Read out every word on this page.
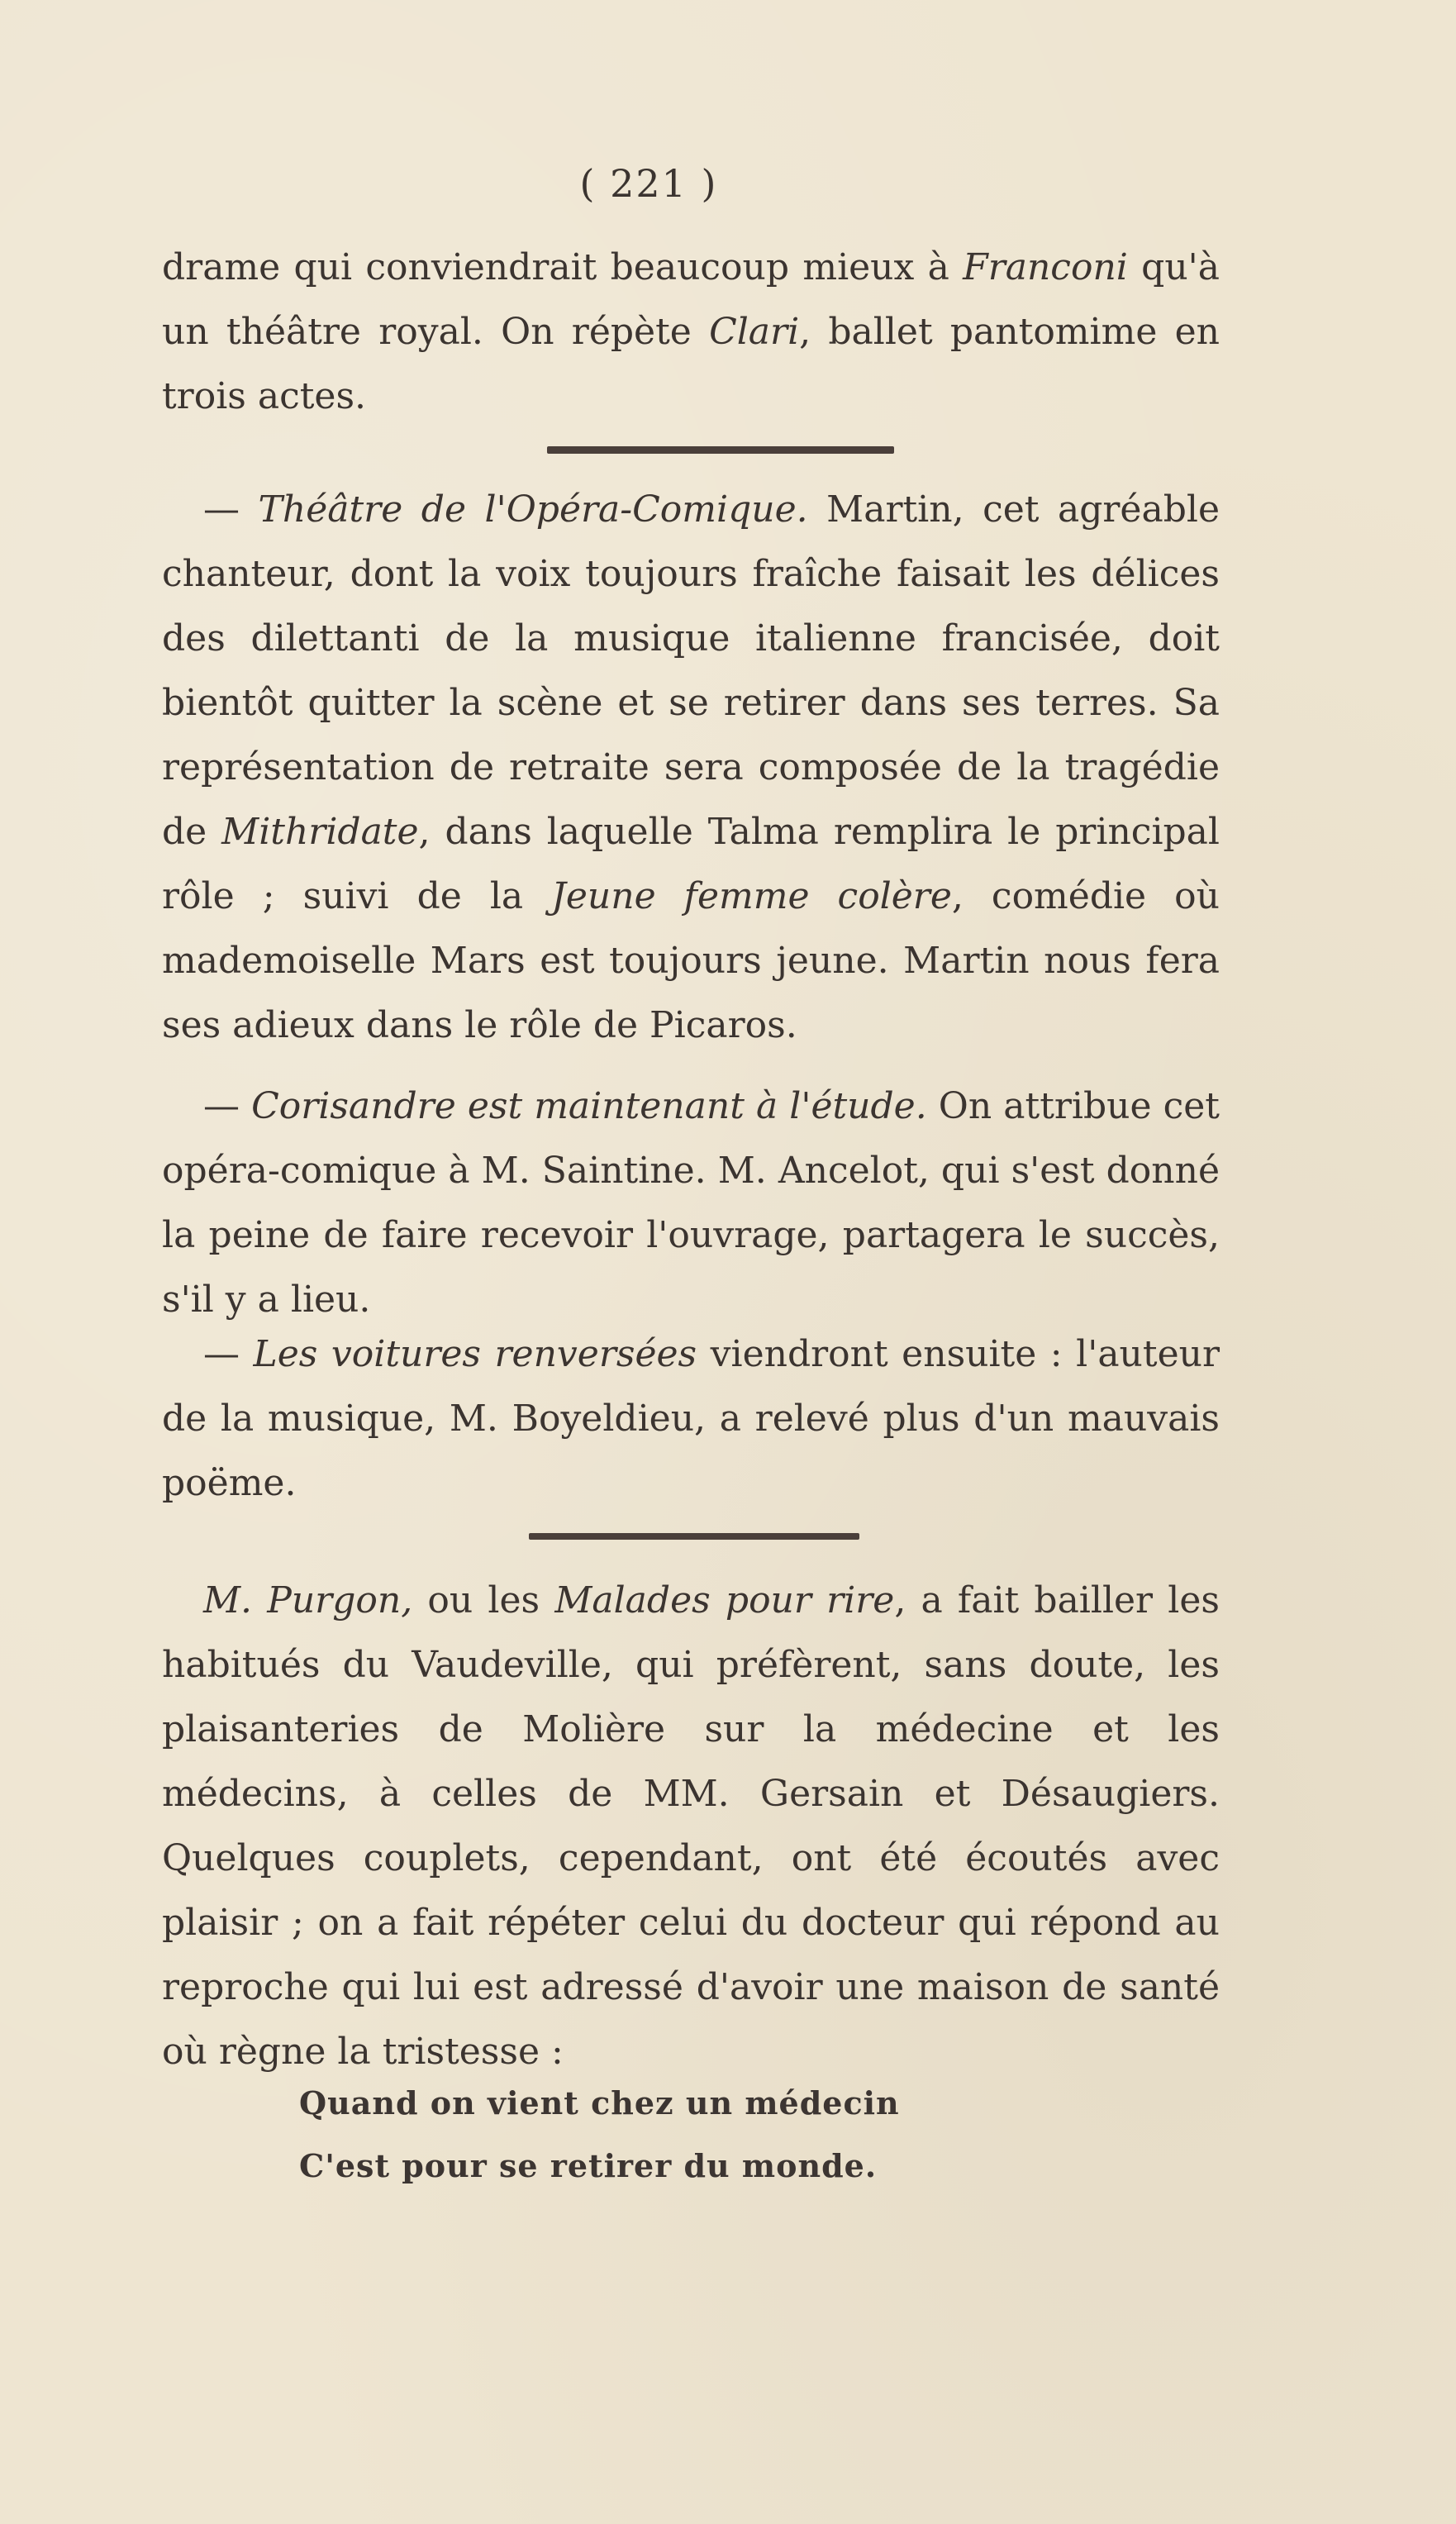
( 221 )

drame qui conviendrait beaucoup mieux à Franconi qu'à un théâtre royal. On répète Clari, ballet pantomime en trois actes.

— Théâtre de l'Opéra-Comique. Martin, cet agréable chanteur, dont la voix toujours fraîche faisait les délices des dilettanti de la musique italienne francisée, doit bientôt quitter la scène et se retirer dans ses terres. Sa représentation de retraite sera composée de la tragédie de Mithridate, dans laquelle Talma remplira le principal rôle ; suivi de la Jeune femme colère, comédie où mademoiselle Mars est toujours jeune. Martin nous fera ses adieux dans le rôle de Picaros.

— Corisandre est maintenant à l'étude. On attribue cet opéra-comique à M. Saintine. M. Ancelot, qui s'est donné la peine de faire recevoir l'ouvrage, partagera le succès, s'il y a lieu.

— Les voitures renversées viendront ensuite : l'auteur de la musique, M. Boyeldieu, a relevé plus d'un mauvais poëme.

M. Purgon, ou les Malades pour rire, a fait bailler les habitués du Vaudeville, qui préfèrent, sans doute, les plaisanteries de Molière sur la médecine et les médecins, à celles de MM. Gersain et Désaugiers. Quelques couplets, cependant, ont été écoutés avec plaisir ; on a fait répéter celui du docteur qui répond au reproche qui lui est adressé d'avoir une maison de santé où règne la tristesse :

Quand on vient chez un médecin
C'est pour se retirer du monde.
